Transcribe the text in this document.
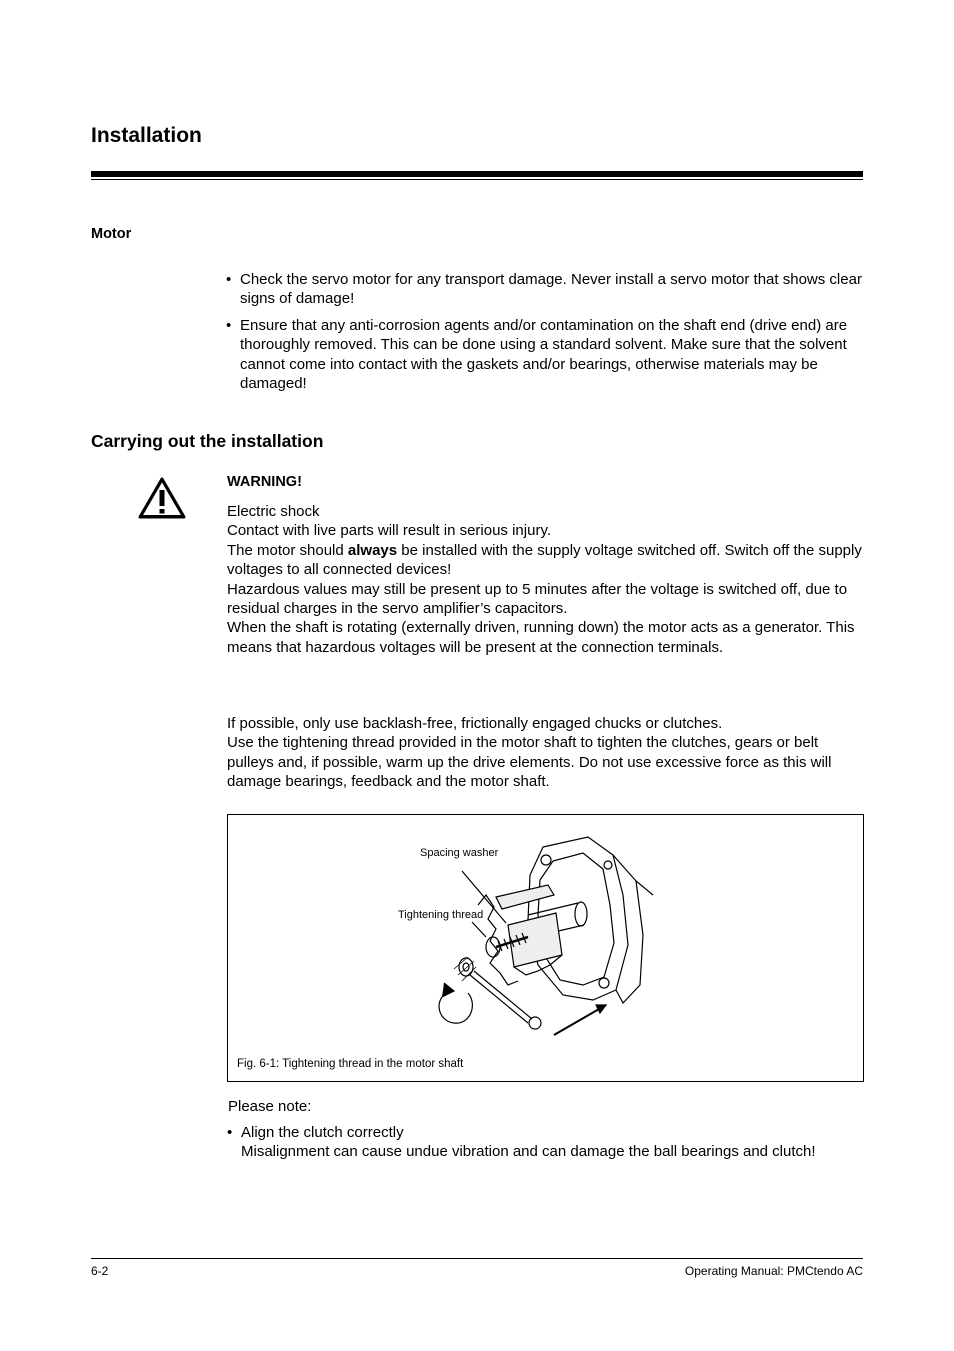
Installation
Motor
• Check the servo motor for any transport damage. Never install a servo motor that shows clear signs of damage!
• Ensure that any anti-corrosion agents and/or contamination on the shaft end (drive end) are thoroughly removed. This can be done using a standard solvent. Make sure that the solvent cannot come into contact with the gaskets and/or bearings, otherwise materials may be damaged!
Carrying out the installation
WARNING!

Electric shock

Contact with live parts will result in serious injury.

The motor should always be installed with the supply voltage switched off. Switch off the supply voltages to all connected devices!

Hazardous values may still be present up to 5 minutes after the voltage is switched off, due to residual charges in the servo amplifier’s capacitors.

When the shaft is rotating (externally driven, running down) the motor acts as a generator. This means that hazardous voltages will be present at the connection terminals.

If possible, only use backlash-free, frictionally engaged chucks or clutches.

Use the tightening thread provided in the motor shaft to tighten the clutches, gears or belt pulleys and, if possible, warm up the drive elements. Do not use excessive force as this will damage bearings, feedback and the motor shaft.

Spacing washer
Tightening thread
Fig. 6-1: Tightening thread in the motor shaft
Please note:
• Align the clutch correctly
Misalignment can cause undue vibration and can damage the ball bearings and clutch!
6-2	Operating Manual: PMCtendo AC
